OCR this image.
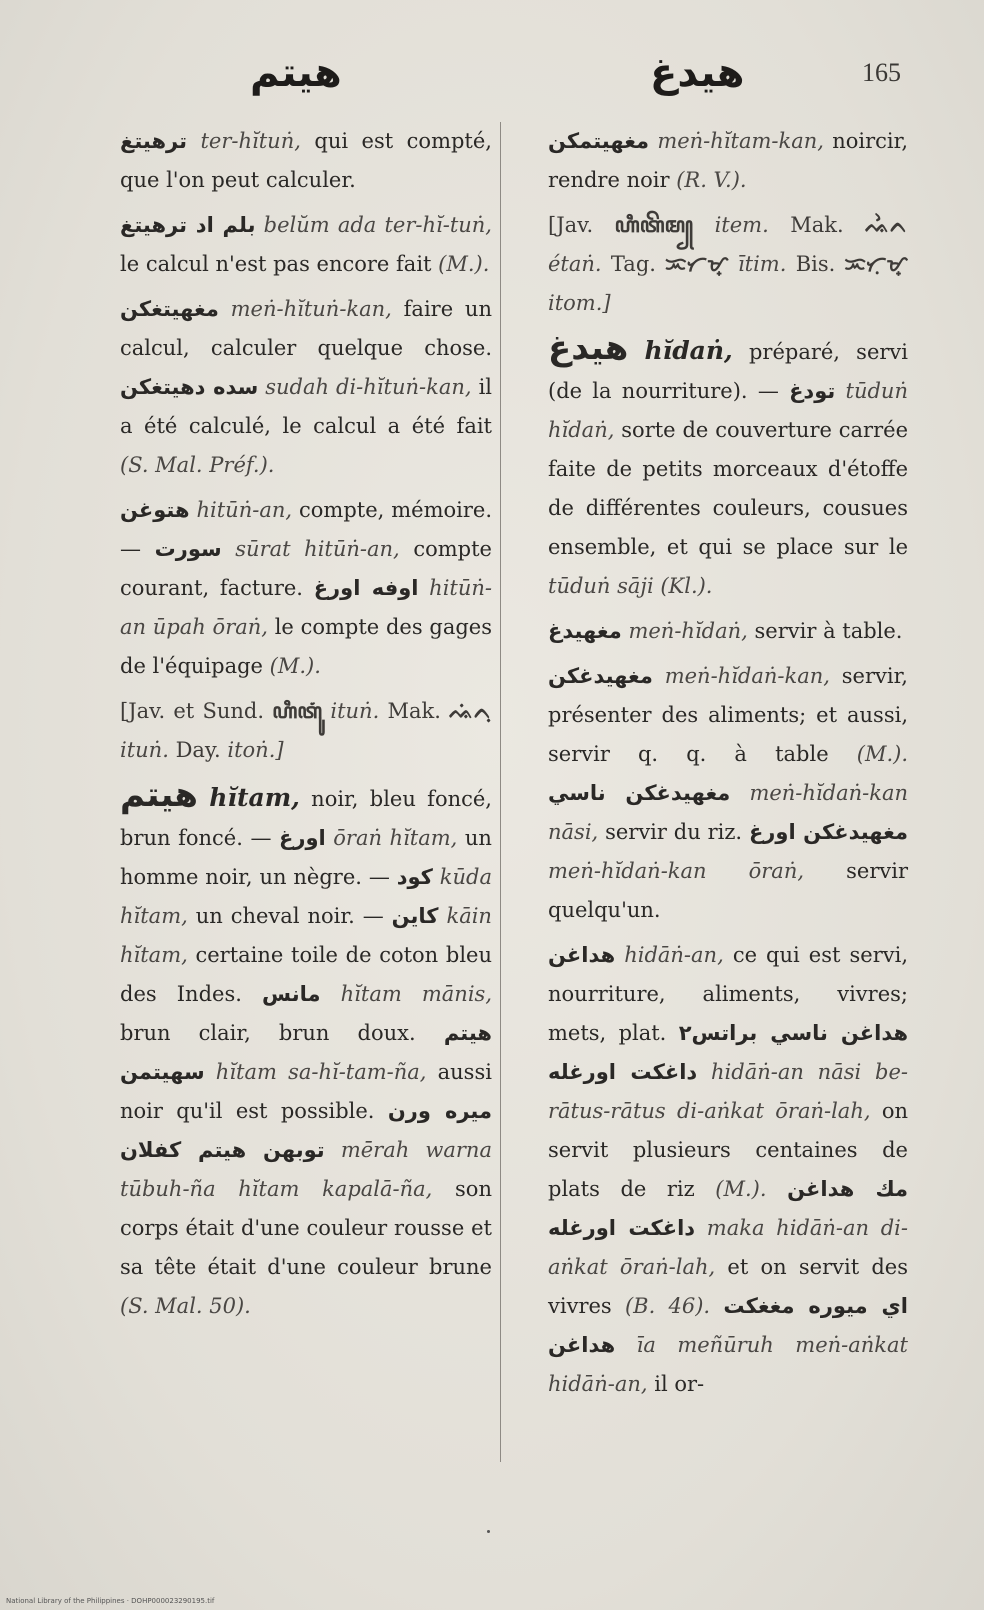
هيتم	هيدغ	165

ترهيتغ ter-hĭtuṅ, qui est compté, que l'on peut calculer.

بلم اد ترهيتغ belŭm ada ter-hĭ-tuṅ, le calcul n'est pas encore fait (M.).

مغهيتغكن meṅ-hĭtuṅ-kan, faire un calcul, calculer quelque chose. سده دهيتغكن sudah di-hĭtuṅ-kan, il a été calculé, le calcul a été fait (S. Mal. Préf.).

هتوغن hitūṅ-an, compte, mémoire. — سورت sūrat hitūṅ-an, compte courant, facture. اوفه اورغ hitūṅ-an ūpah ōraṅ, le compte des gages de l'équipage (M.).

[Jav. et Sund. ꦲꦶꦠꦸꦁ ituṅ. Mak. ᨕᨗᨈᨘ ituṅ. Day. itoṅ.]

هيتم hĭtam, noir, bleu foncé, brun foncé. — اورغ ōraṅ hĭtam, un homme noir, un nègre. — كود kūda hĭtam, un cheval noir. — كاين kāin hĭtam, certaine toile de coton bleu des Indes. مانس hĭtam mānis, brun clair, brun doux. هيتم سهيتمن hĭtam sa-hĭ-tam-ña, aussi noir qu'il est possible. ميره ورن توبهن هيتم كفلان mērah warna tūbuh-ña hĭtam kapalā-ña, son corps était d'une couleur rousse et sa tête était d'une couleur brune (S. Mal. 50).

مغهيتمكن meṅ-hĭtam-kan, noircir, rendre noir (R. V.).

[Jav. ꦲꦶꦠꦼꦩ꧀ item. Mak. ᨕᨛᨈ étaṅ. Tag. ᜁᜆᜋ᜔ ītim. Bis. ᜁᜆᜓᜋ᜔ itom.]

هيدغ hĭdaṅ, préparé, servi (de la nourriture). — تودغ tūduṅ hĭdaṅ, sorte de couverture carrée faite de petits morceaux d'étoffe de différentes couleurs, cousues ensemble, et qui se place sur le tūduṅ sāji (Kl.).

مغهيدغ meṅ-hĭdaṅ, servir à table.

مغهيدغكن meṅ-hĭdaṅ-kan, servir, présenter des aliments; et aussi, servir q. q. à table (M.). مغهيدغكن ناسي meṅ-hĭdaṅ-kan nāsi, servir du riz. مغهيدغكن اورغ meṅ-hĭdaṅ-kan ōraṅ, servir quelqu'un.

هداغن hidāṅ-an, ce qui est servi, nourriture, aliments, vivres; mets, plat. هداغن ناسي براتس٢ داغكت اورغله hidāṅ-an nāsi be-rātus-rātus di-aṅkat ōraṅ-lah, on servit plusieurs centaines de plats de riz (M.). مك هداغن داغكت اورغله maka hidāṅ-an di-aṅkat ōraṅ-lah, et on servit des vivres (B. 46). اي ميوره مغغكت هداغن īa meñūruh meṅ-aṅkat hidāṅ-an, il or-

National Library of the Philippines · DOHP000023290195.tif
